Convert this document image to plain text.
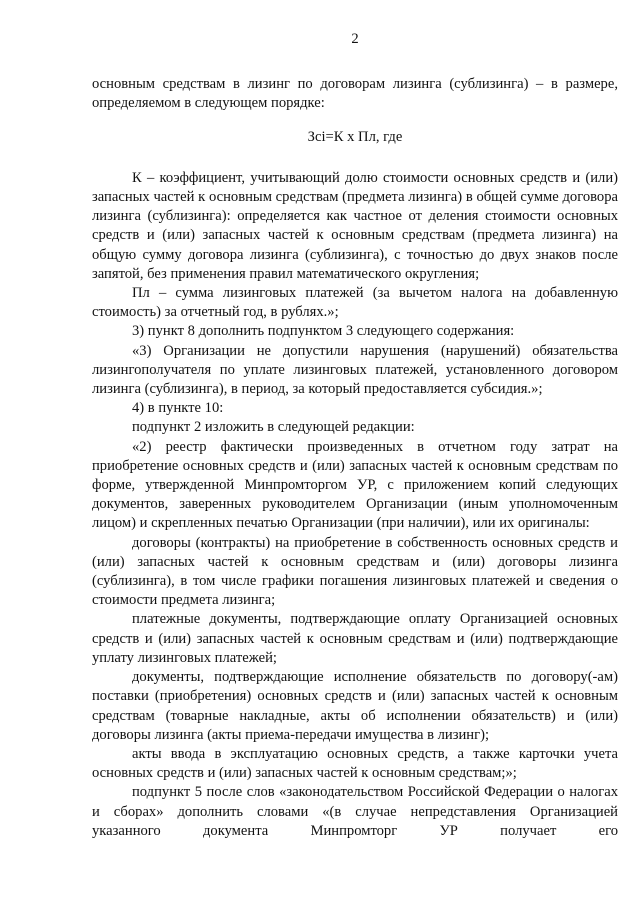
2

основным средствам в лизинг по договорам лизинга (сублизинга) – в размере, определяемом в следующем порядке:

Зсi=К х Пл, где

К – коэффициент, учитывающий долю стоимости основных средств и (или) запасных частей к основным средствам (предмета лизинга) в общей сумме договора лизинга (сублизинга): определяется как частное от деления стоимости основных средств и (или) запасных частей к основным средствам (предмета лизинга) на общую сумму договора лизинга (сублизинга), с точностью до двух знаков после запятой, без применения правил математического округления;

Пл – сумма лизинговых платежей (за вычетом налога на добавленную стоимость) за отчетный год, в рублях.»;

3) пункт 8 дополнить подпунктом 3 следующего содержания:

«3) Организации не допустили нарушения (нарушений) обязательства лизингополучателя по уплате лизинговых платежей, установленного договором лизинга (сублизинга), в период, за который предоставляется субсидия.»;

4) в пункте 10:

подпункт 2 изложить в следующей редакции:

«2) реестр фактически произведенных в отчетном году затрат на приобретение основных средств и (или) запасных частей к основным средствам по форме, утвержденной Минпромторгом УР, с приложением копий следующих документов, заверенных руководителем Организации (иным уполномоченным лицом) и скрепленных печатью Организации (при наличии), или их оригиналы:

договоры (контракты) на приобретение в собственность основных средств и (или) запасных частей к основным средствам и (или) договоры лизинга (сублизинга), в том числе графики погашения лизинговых платежей и сведения о стоимости предмета лизинга;

платежные документы, подтверждающие оплату Организацией основных средств и (или) запасных частей к основным средствам и (или) подтверждающие уплату лизинговых платежей;

документы, подтверждающие исполнение обязательств по договору(-ам) поставки (приобретения) основных средств и (или) запасных частей к основным средствам (товарные накладные, акты об исполнении обязательств) и (или) договоры лизинга (акты приема-передачи имущества в лизинг);

акты ввода в эксплуатацию основных средств, а также карточки учета основных средств и (или) запасных частей к основным средствам;»;

подпункт 5 после слов «законодательством Российской Федерации о налогах и сборах» дополнить словами «(в случае непредставления Организацией указанного документа Минпромторг УР получает его
